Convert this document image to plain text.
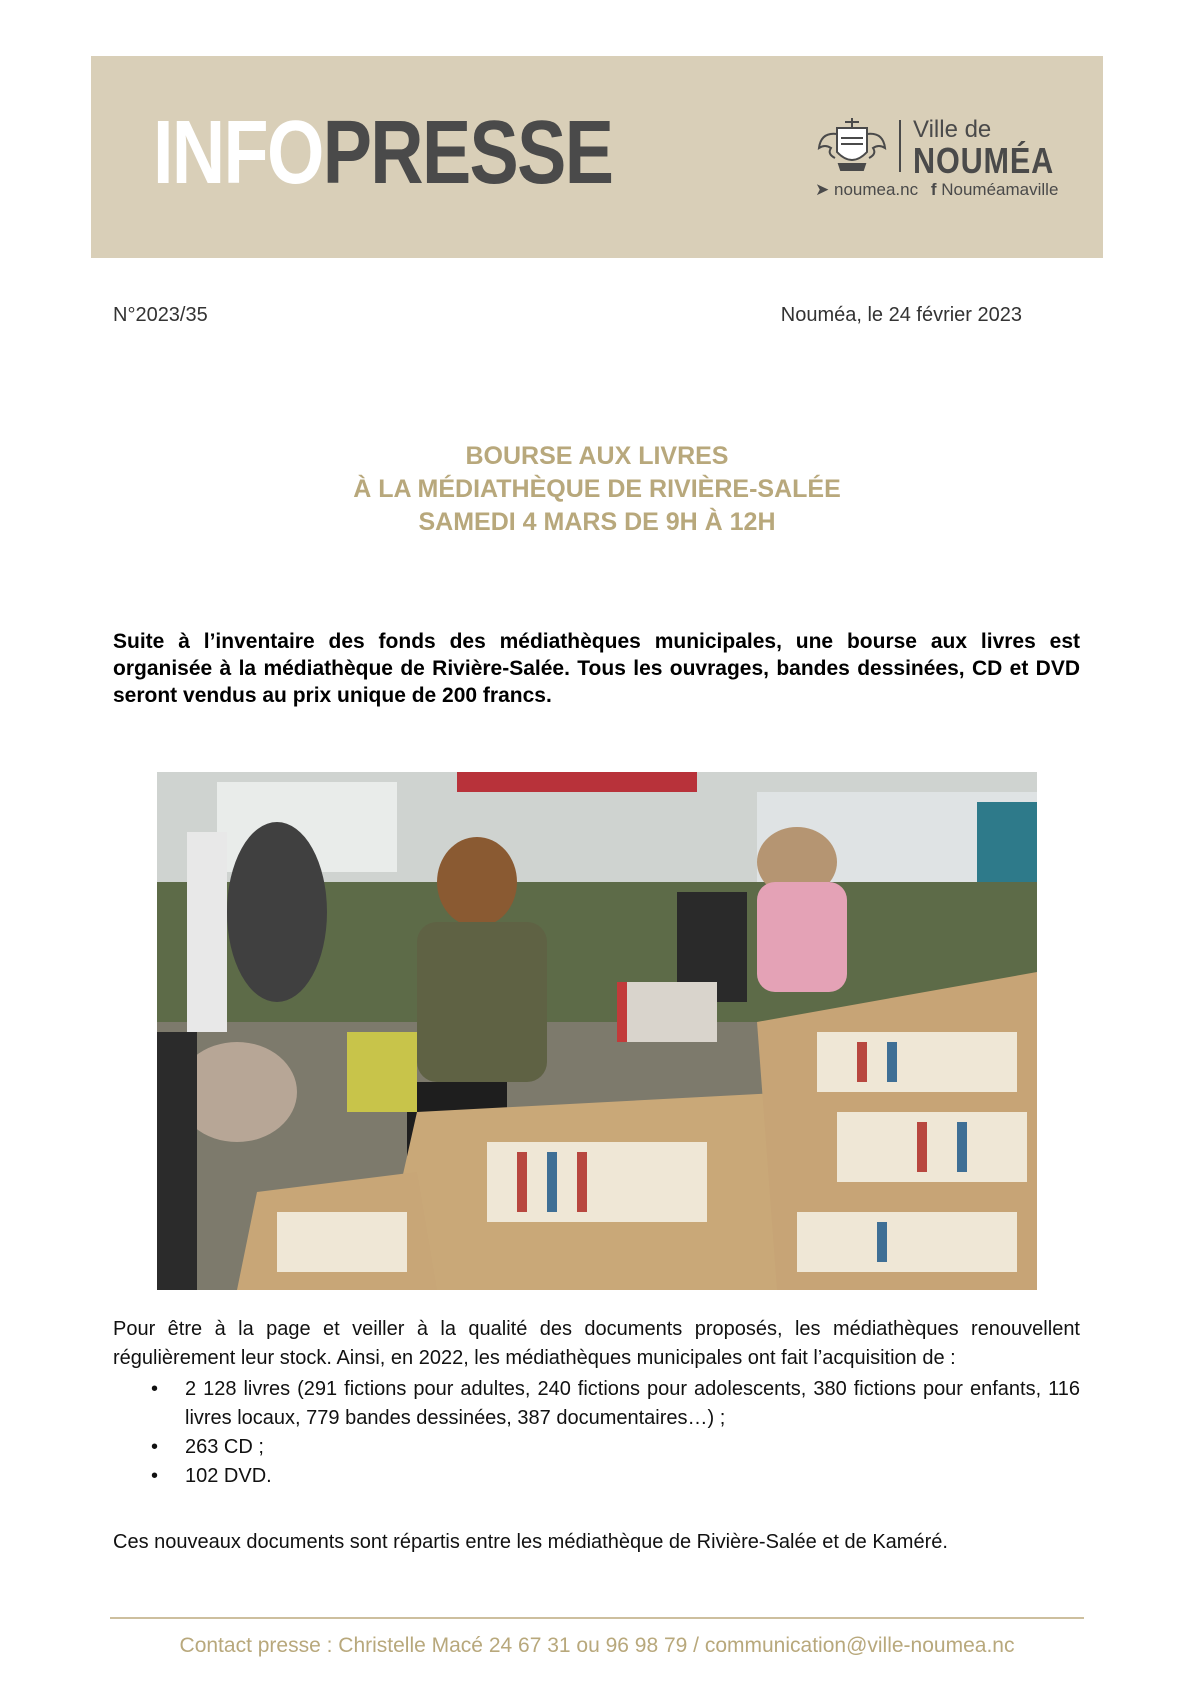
INFOPRESSE	Ville de
NOUMÉA
➤ noumea.nc f Nouméamaville
N°2023/35	Nouméa, le 24 février 2023
BOURSE AUX LIVRES
À LA MÉDIATHÈQUE DE RIVIÈRE-SALÉE
SAMEDI 4 MARS DE 9H À 12H
Suite à l’inventaire des fonds des médiathèques municipales, une bourse aux livres est organisée à la médiathèque de Rivière-Salée. Tous les ouvrages, bandes dessinées, CD et DVD seront vendus au prix unique de 200 francs.
Pour être à la page et veiller à la qualité des documents proposés, les médiathèques renouvellent régulièrement leur stock. Ainsi, en 2022, les médiathèques municipales ont fait l’acquisition de :
• 2 128 livres (291 fictions pour adultes, 240 fictions pour adolescents, 380 fictions pour enfants, 116 livres locaux, 779 bandes dessinées, 387 documentaires…) ;
• 263 CD ;
• 102 DVD.
Ces nouveaux documents sont répartis entre les médiathèque de Rivière-Salée et de Kaméré.
Contact presse : Christelle Macé 24 67 31 ou 96 98 79 / communication@ville-noumea.nc
